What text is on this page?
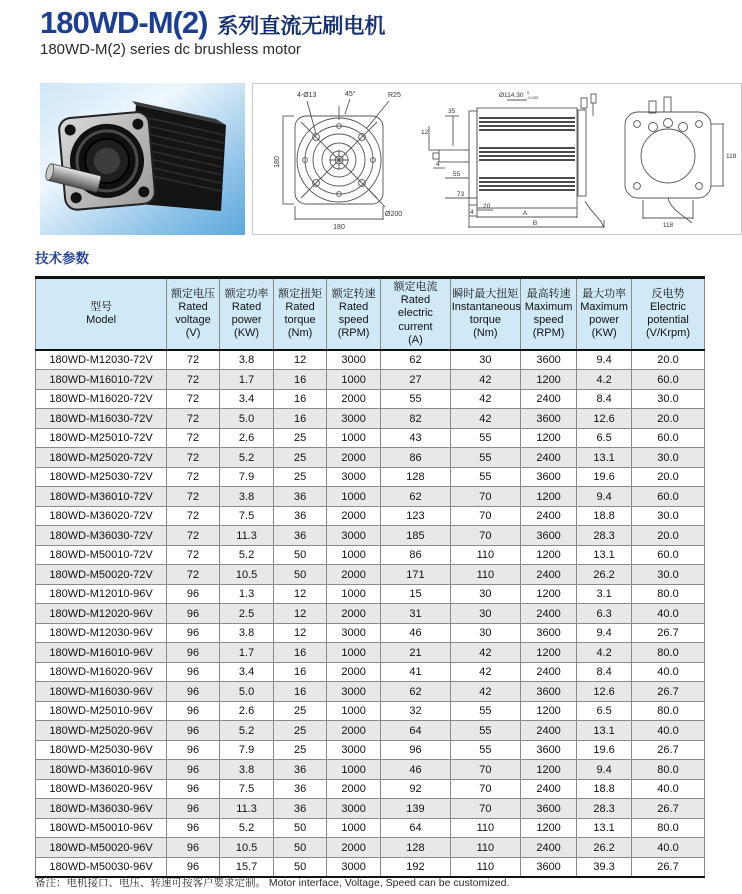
180WD-M(2) 系列直流无刷电机
180WD-M(2) series dc brushless motor
4-Ø13	45°	R25
180
180
Ø200
Ø114.30 0
-0.035
35
12
4
55
73
4
20
A
B
118
118
技术参数
型号
Model

额定电压
Rated voltage
(V)

额定功率
Rated power
(KW)

额定扭矩
Rated torque
(Nm)

额定转速
Rated speed
(RPM)

额定电流
Rated electric current
(A)

瞬时最大扭矩
Instantaneous torque
(Nm)

最高转速
Maximum speed
(RPM)

最大功率
Maximum power
(KW)

反电势
Electric potential
(V/Krpm)

180WD-M12030-72V	72	3.8	12	3000	62	30	3600	9.4	20.0
180WD-M16010-72V	72	1.7	16	1000	27	42	1200	4.2	60.0
180WD-M16020-72V	72	3.4	16	2000	55	42	2400	8.4	30.0
180WD-M16030-72V	72	5.0	16	3000	82	42	3600	12.6	20.0
180WD-M25010-72V	72	2.6	25	1000	43	55	1200	6.5	60.0
180WD-M25020-72V	72	5.2	25	2000	86	55	2400	13.1	30.0
180WD-M25030-72V	72	7.9	25	3000	128	55	3600	19.6	20.0
180WD-M36010-72V	72	3.8	36	1000	62	70	1200	9.4	60.0
180WD-M36020-72V	72	7.5	36	2000	123	70	2400	18.8	30.0
180WD-M36030-72V	72	11.3	36	3000	185	70	3600	28.3	20.0
180WD-M50010-72V	72	5.2	50	1000	86	110	1200	13.1	60.0
180WD-M50020-72V	72	10.5	50	2000	171	110	2400	26.2	30.0
180WD-M12010-96V	96	1.3	12	1000	15	30	1200	3.1	80.0
180WD-M12020-96V	96	2.5	12	2000	31	30	2400	6.3	40.0
180WD-M12030-96V	96	3.8	12	3000	46	30	3600	9.4	26.7
180WD-M16010-96V	96	1.7	16	1000	21	42	1200	4.2	80.0
180WD-M16020-96V	96	3.4	16	2000	41	42	2400	8.4	40.0
180WD-M16030-96V	96	5.0	16	3000	62	42	3600	12.6	26.7
180WD-M25010-96V	96	2.6	25	1000	32	55	1200	6.5	80.0
180WD-M25020-96V	96	5.2	25	2000	64	55	2400	13.1	40.0
180WD-M25030-96V	96	7.9	25	3000	96	55	3600	19.6	26.7
180WD-M36010-96V	96	3.8	36	1000	46	70	1200	9.4	80.0
180WD-M36020-96V	96	7.5	36	2000	92	70	2400	18.8	40.0
180WD-M36030-96V	96	11.3	36	3000	139	70	3600	28.3	26.7
180WD-M50010-96V	96	5.2	50	1000	64	110	1200	13.1	80.0
180WD-M50020-96V	96	10.5	50	2000	128	110	2400	26.2	40.0
180WD-M50030-96V	96	15.7	50	3000	192	110	3600	39.3	26.7
备注：电机接口、电压、转速可按客户要求定制。 Motor interface, Voltage, Speed can be customized.
